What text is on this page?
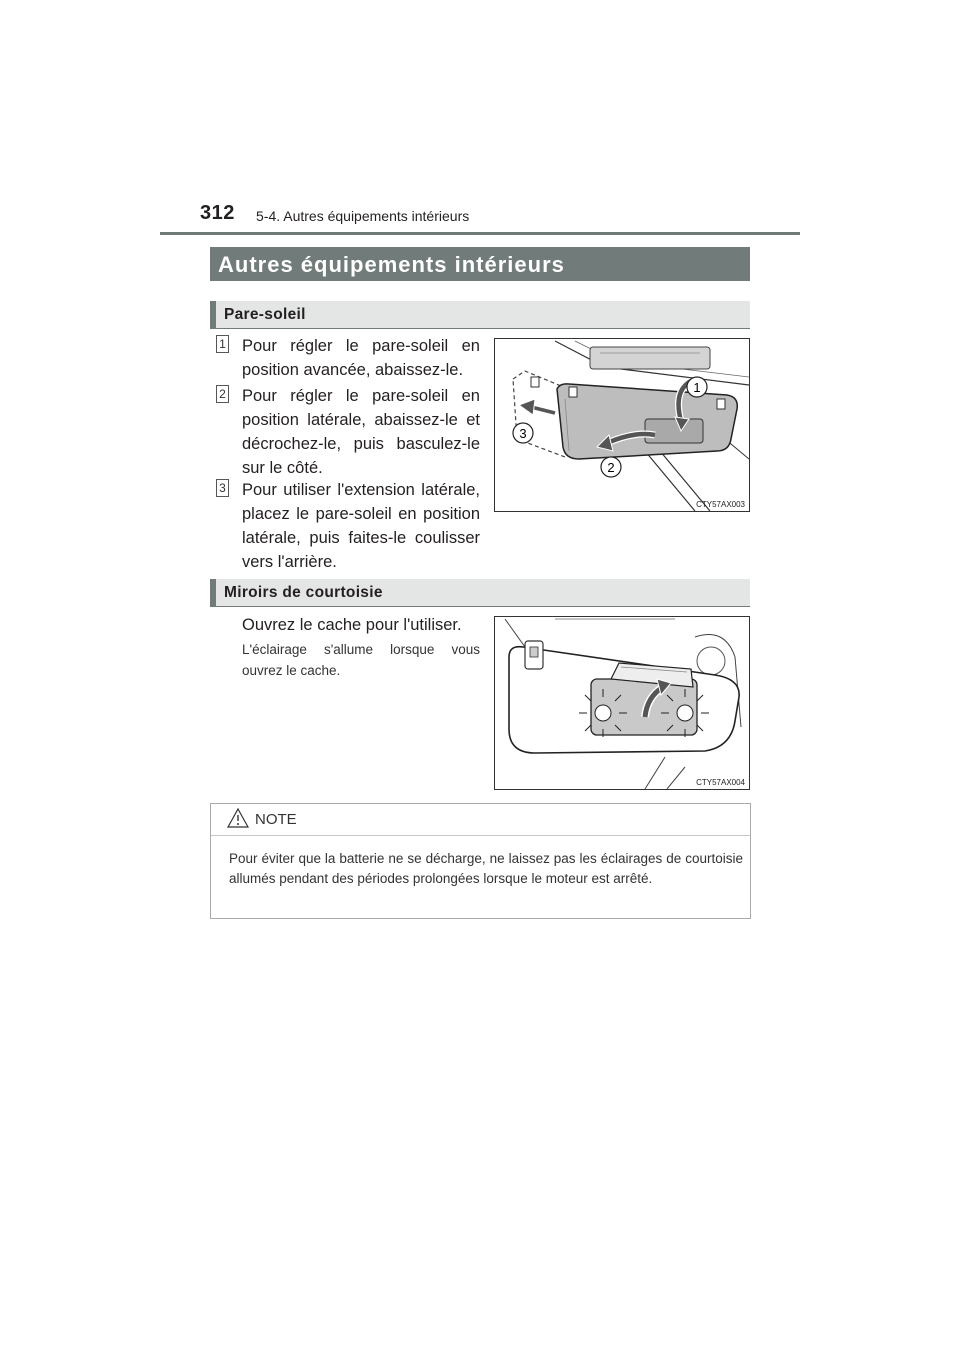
312 5-4. Autres équipements intérieurs
Autres équipements intérieurs
Pare-soleil
1 Pour régler le pare-soleil en position avancée, abaissez-le.
2 Pour régler le pare-soleil en position latérale, abaissez-le et décrochez-le, puis basculez-le sur le côté.
3 Pour utiliser l'extension latérale, placez le pare-soleil en position latérale, puis faites-le coulisser vers l'arrière.
1
2
3
CTY57AX003
Miroirs de courtoisie
Ouvrez le cache pour l'utiliser.
L'éclairage s'allume lorsque vous ouvrez le cache.
CTY57AX004
NOTE
Pour éviter que la batterie ne se décharge, ne laissez pas les éclairages de courtoisie allumés pendant des périodes prolongées lorsque le moteur est arrêté.
